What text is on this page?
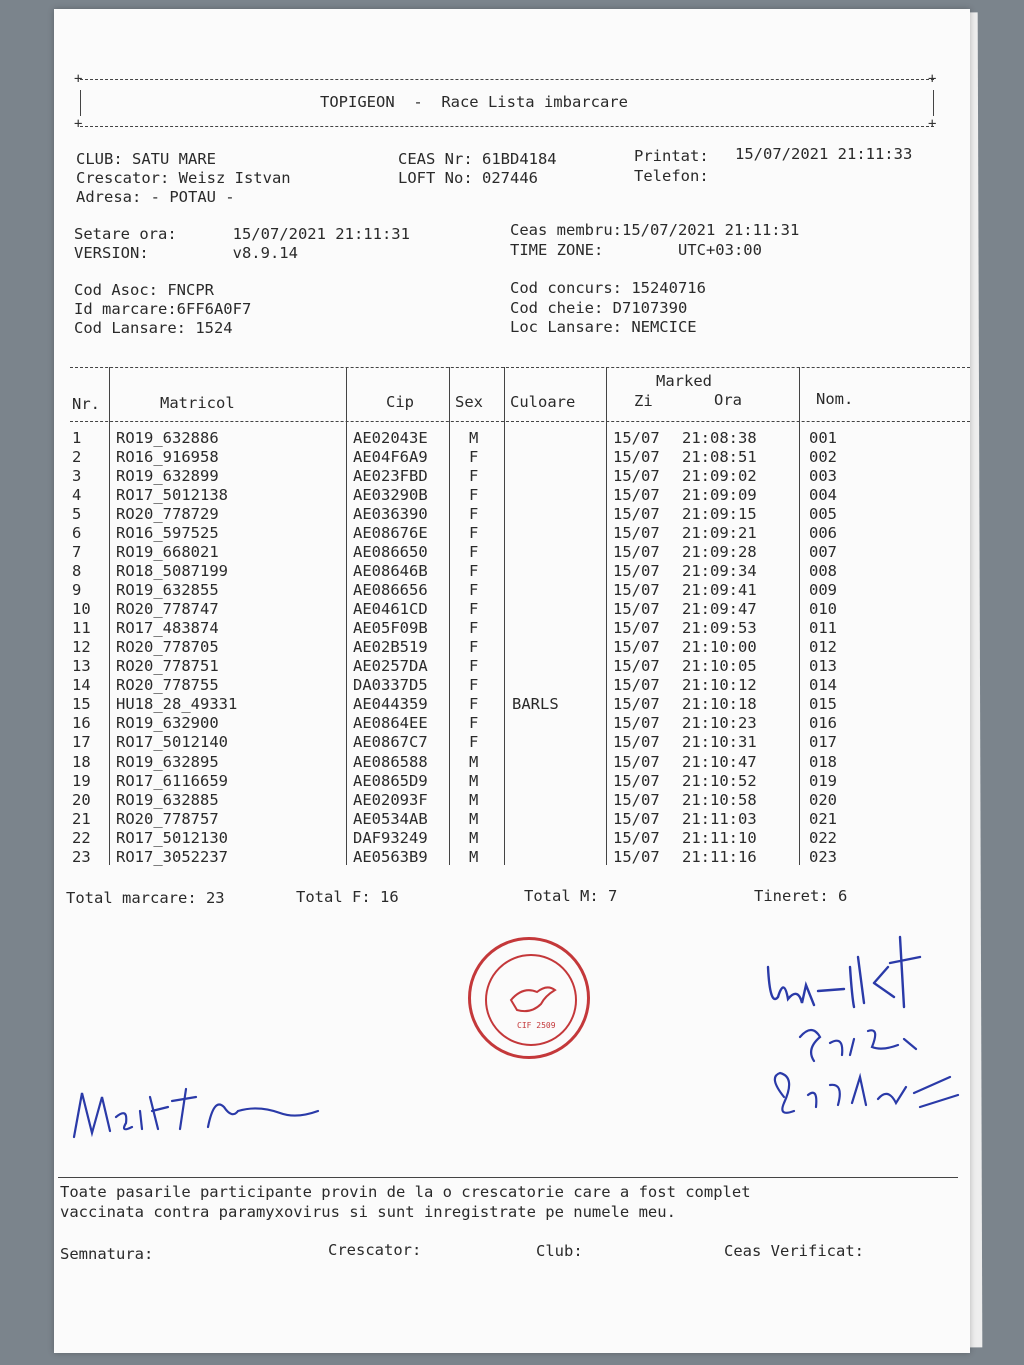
+	+
+	+
TOPIGEON  -  Race Lista imbarcare
CLUB: SATU MARE
Crescator: Weisz Istvan
Adresa: - POTAU -
CEAS Nr: 61BD4184
LOFT No: 027446
Printat: 15/07/2021 21:11:33
Telefon:
Setare ora:      15/07/2021 21:11:31
VERSION:         v8.9.14
Ceas membru:15/07/2021 21:11:31
TIME ZONE:        UTC+03:00
Cod Asoc: FNCPR
Id marcare:6FF6A0F7
Cod Lansare: 1524
Cod concurs: 15240716
Cod cheie: D7107390
Loc Lansare: NEMCICE
Nr.	Matricol	Cip	Sex Culoare
Marked
Zi	Ora	Nom.
1 RO19_632886	AE02043E	M	15/07 21:08:38	001
2 RO16_916958	AE04F6A9	F	15/07 21:08:51	002
3 RO19_632899	AE023FBD	F	15/07 21:09:02	003
4 RO17_5012138	AE03290B	F	15/07 21:09:09	004
5 RO20_778729	AE036390	F	15/07 21:09:15	005
6 RO16_597525	AE08676E	F	15/07 21:09:21	006
7 RO19_668021	AE086650	F	15/07 21:09:28	007
8 RO18_5087199	AE08646B	F	15/07 21:09:34	008
9 RO19_632855	AE086656	F	15/07 21:09:41	009
10 RO20_778747	AE0461CD	F	15/07 21:09:47	010
11 RO17_483874	AE05F09B	F	15/07 21:09:53	011
12 RO20_778705	AE02B519	F	15/07 21:10:00	012
13 RO20_778751	AE0257DA	F	15/07 21:10:05	013
14 RO20_778755	DA0337D5	F	15/07 21:10:12	014
15 HU18_28_49331	AE044359	F BARLS	15/07 21:10:18	015
16 RO19_632900	AE0864EE	F	15/07 21:10:23	016
17 RO17_5012140	AE0867C7	F	15/07 21:10:31	017
18 RO19_632895	AE086588	M	15/07 21:10:47	018
19 RO17_6116659	AE0865D9	M	15/07 21:10:52	019
20 RO19_632885	AE02093F	M	15/07 21:10:58	020
21 RO20_778757	AE0534AB	M	15/07 21:11:03	021
22 RO17_5012130	DAF93249	M	15/07 21:11:10	022
23 RO17_3052237	AE0563B9	M	15/07 21:11:16	023
Total marcare: 23	Total F: 16	Total M: 7	Tineret: 6
CIF 2509
Toate pasarile participante provin de la o crescatorie care a fost complet
vaccinata contra paramyxovirus si sunt inregistrate pe numele meu.
Semnatura:	Crescator:	Club:	Ceas Verificat:
